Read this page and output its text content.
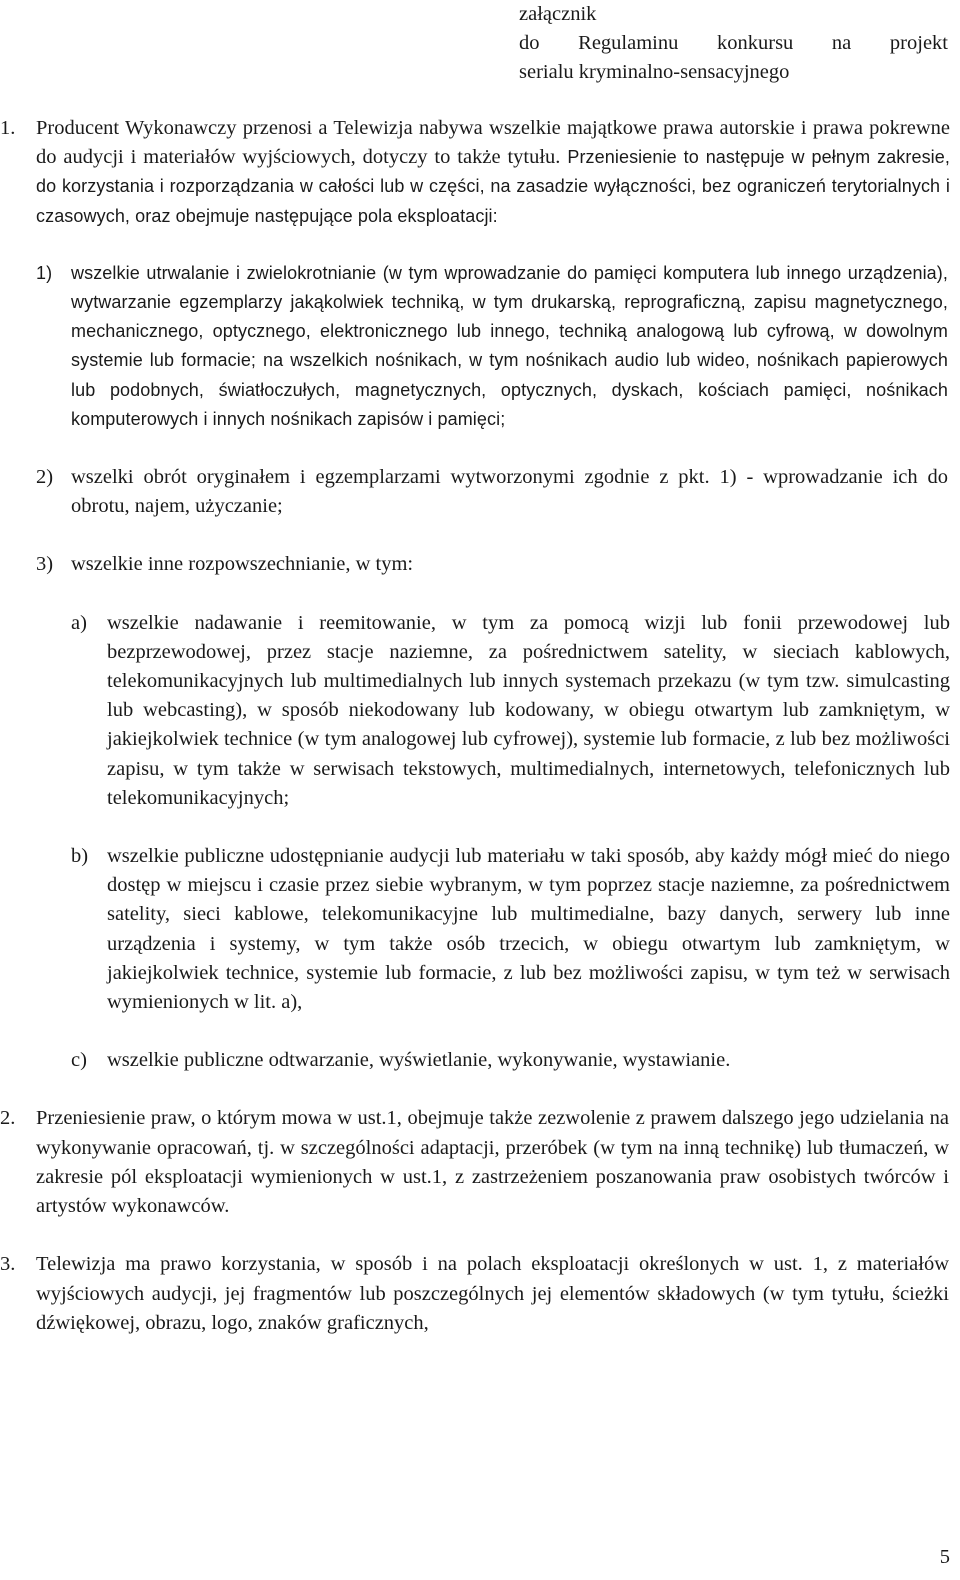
załącznik
do Regulaminu konkursu na projekt
serialu kryminalno-sensacyjnego
1. Producent Wykonawczy przenosi a Telewizja nabywa wszelkie majątkowe prawa autorskie i prawa pokrewne do audycji i materiałów wyjściowych, dotyczy to także tytułu. Przeniesienie to następuje w pełnym zakresie, do korzystania i rozporządzania w całości lub w części, na zasadzie wyłączności, bez ograniczeń terytorialnych i czasowych, oraz obejmuje następujące pola eksploatacji:
1) wszelkie utrwalanie i zwielokrotnianie (w tym wprowadzanie do pamięci komputera lub innego urządzenia), wytwarzanie egzemplarzy jakąkolwiek techniką, w tym drukarską, reprograficzną, zapisu magnetycznego, mechanicznego, optycznego, elektronicznego lub innego, techniką analogową lub cyfrową, w dowolnym systemie lub formacie; na wszelkich nośnikach, w tym nośnikach audio lub wideo, nośnikach papierowych lub podobnych, światłoczułych, magnetycznych, optycznych, dyskach, kościach pamięci, nośnikach komputerowych i innych nośnikach zapisów i pamięci;
2) wszelki obrót oryginałem i egzemplarzami wytworzonymi zgodnie z pkt. 1) - wprowadzanie ich do obrotu, najem, użyczanie;
3) wszelkie inne rozpowszechnianie, w tym:
a) wszelkie nadawanie i reemitowanie, w tym za pomocą wizji lub fonii przewodowej lub bezprzewodowej, przez stacje naziemne, za pośrednictwem satelity, w sieciach kablowych, telekomunikacyjnych lub multimedialnych lub innych systemach przekazu (w tym tzw. simulcasting lub webcasting), w sposób niekodowany lub kodowany, w obiegu otwartym lub zamkniętym, w jakiejkolwiek technice (w tym analogowej lub cyfrowej), systemie lub formacie, z lub bez możliwości zapisu, w tym także w serwisach tekstowych, multimedialnych, internetowych, telefonicznych lub telekomunikacyjnych;
b) wszelkie publiczne udostępnianie audycji lub materiału w taki sposób, aby każdy mógł mieć do niego dostęp w miejscu i czasie przez siebie wybranym, w tym poprzez stacje naziemne, za pośrednictwem satelity, sieci kablowe, telekomunikacyjne lub multimedialne, bazy danych, serwery lub inne urządzenia i systemy, w tym także osób trzecich, w obiegu otwartym lub zamkniętym, w jakiejkolwiek technice, systemie lub formacie, z lub bez możliwości zapisu, w tym też w serwisach wymienionych w lit. a),
c) wszelkie publiczne odtwarzanie, wyświetlanie, wykonywanie, wystawianie.
2. Przeniesienie praw, o którym mowa w ust.1, obejmuje także zezwolenie z prawem dalszego jego udzielania na wykonywanie opracowań, tj. w szczególności adaptacji, przeróbek (w tym na inną technikę) lub tłumaczeń, w zakresie pól eksploatacji wymienionych w ust.1, z zastrzeżeniem poszanowania praw osobistych twórców i artystów wykonawców.
3. Telewizja ma prawo korzystania, w sposób i na polach eksploatacji określonych w ust. 1, z materiałów wyjściowych audycji, jej fragmentów lub poszczególnych jej elementów składowych (w tym tytułu, ścieżki dźwiękowej, obrazu, logo, znaków graficznych,
5
